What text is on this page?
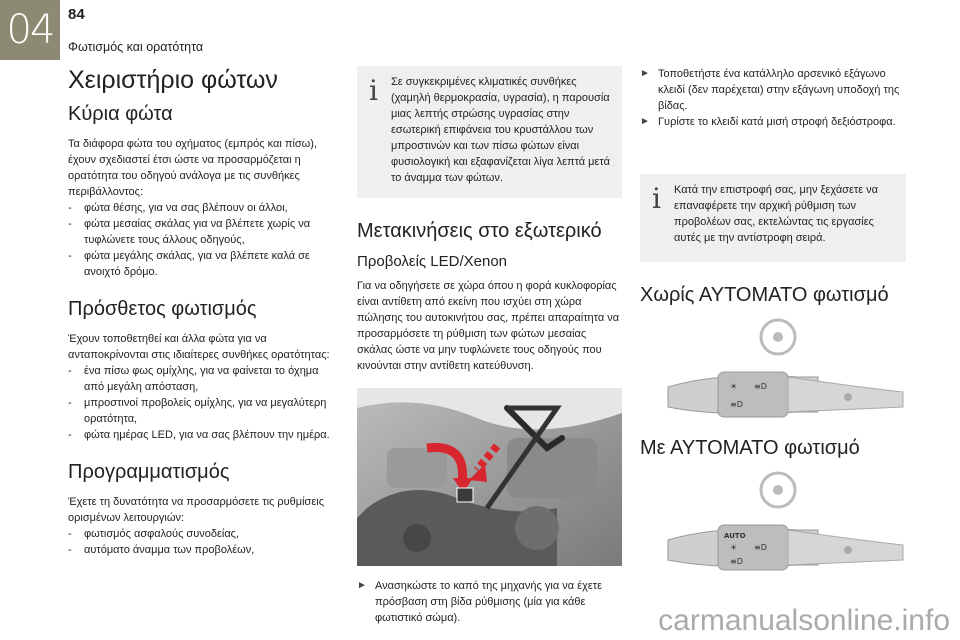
04 84
Φωτισμός και ορατότητα
Χειριστήριο φώτων
Κύρια φώτα

Τα διάφορα φώτα του οχήματος (εμπρός και πίσω), έχουν σχεδιαστεί έτσι ώστε να προσαρμόζεται η ορατότητα του οδηγού ανάλογα με τις συνθήκες περιβάλλοντος:

- φώτα θέσης, για να σας βλέπουν οι άλλοι,
- φώτα μεσαίας σκάλας για να βλέπετε χωρίς να τυφλώνετε τους άλλους οδηγούς,
- φώτα μεγάλης σκάλας, για να βλέπετε καλά σε ανοιχτό δρόμο.
Πρόσθετος φωτισμός

Έχουν τοποθετηθεί και άλλα φώτα για να ανταποκρίνονται στις ιδιαίτερες συνθήκες ορατότητας:

- ένα πίσω φως ομίχλης, για να φαίνεται το όχημα από μεγάλη απόσταση,
- μπροστινοί προβολείς ομίχλης, για να μεγαλύτερη ορατότητα,
- φώτα ημέρας LED, για να σας βλέπουν την ημέρα.
Προγραμματισμός

Έχετε τη δυνατότητα να προσαρμόσετε τις ρυθμίσεις ορισμένων λειτουργιών:

- φωτισμός ασφαλούς συνοδείας,
- αυτόματο άναμμα των προβολέων,
i Σε συγκεκριμένες κλιματικές συνθήκες (χαμηλή θερμοκρασία, υγρασία), η παρουσία μιας λεπτής στρώσης υγρασίας στην εσωτερική επιφάνεια του κρυστάλλου των μπροστινών και των πίσω φώτων είναι φυσιολογική και εξαφανίζεται λίγα λεπτά μετά το άναμμα των φώτων.

Μετακινήσεις στο εξωτερικό
Προβολείς LED/Xenon

Για να οδηγήσετε σε χώρα όπου η φορά κυκλοφορίας είναι αντίθετη από εκείνη που ισχύει στη χώρα πώλησης του αυτοκινήτου σας, πρέπει απαραίτητα να προσαρμόσετε τη ρύθμιση των φώτων μεσαίας σκάλας ώστε να μην τυφλώνετε τους οδηγούς που κινούνται στην αντίθετη κατεύθυνση.

► Ανασηκώστε το καπό της μηχανής για να έχετε πρόσβαση στη βίδα ρύθμισης (μία για κάθε φωτιστικό σώμα).
► Τοποθετήστε ένα κατάλληλο αρσενικό εξάγωνο κλειδί (δεν παρέχεται) στην εξάγωνη υποδοχή της βίδας.
► Γυρίστε το κλειδί κατά μισή στροφή δεξιόστροφα.
i Κατά την επιστροφή σας, μην ξεχάσετε να επαναφέρετε την αρχική ρύθμιση των προβολέων σας, εκτελώντας τις εργασίες αυτές με την αντίστροφη σειρά.

Χωρίς ΑΥΤΟΜΑΤΟ φωτισμό
☀ ≡D
≡D
Με ΑΥΤΟΜΑΤΟ φωτισμό
AUTO
☀ ≡D
≡D
carmanualsonline.info
